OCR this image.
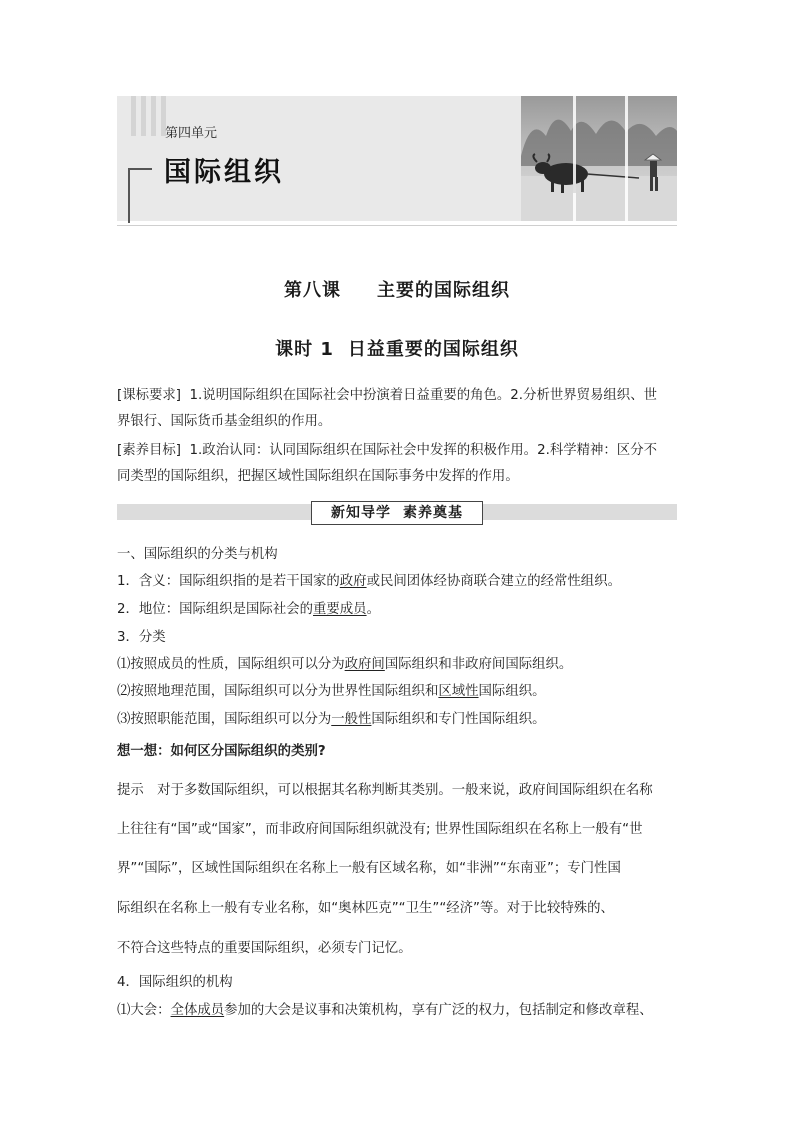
第四单元
国际组织
第八课 主要的国际组织
课时 1 日益重要的国际组织
[课标要求] 1.说明国际组织在国际社会中扮演着日益重要的角色。2.分析世界贸易组织、世
界银行、国际货币基金组织的作用。
[素养目标] 1.政治认同：认同国际组织在国际社会中发挥的积极作用。2.科学精神：区分不
同类型的国际组织，把握区域性国际组织在国际事务中发挥的作用。
新知导学 素养奠基
一、国际组织的分类与机构
1．含义：国际组织指的是若干国家的政府或民间团体经协商联合建立的经常性组织。
2．地位：国际组织是国际社会的重要成员。
3．分类
⑴按照成员的性质，国际组织可以分为政府间国际组织和非政府间国际组织。
⑵按照地理范围，国际组织可以分为世界性国际组织和区域性国际组织。
⑶按照职能范围，国际组织可以分为一般性国际组织和专门性国际组织。
想一想：如何区分国际组织的类别?
提示　对于多数国际组织，可以根据其名称判断其类别。一般来说，政府间国际组织在名称
上往往有“国”或“国家”，而非政府间国际组织就没有; 世界性国际组织在名称上一般有“世
界”“国际”，区域性国际组织在名称上一般有区域名称，如“非洲”“东南亚”；专门性国
际组织在名称上一般有专业名称，如“奥林匹克”“卫生”“经济”等。对于比较特殊的、
不符合这些特点的重要国际组织，必须专门记忆。
4．国际组织的机构
⑴大会：全体成员参加的大会是议事和决策机构，享有广泛的权力，包括制定和修改章程、
